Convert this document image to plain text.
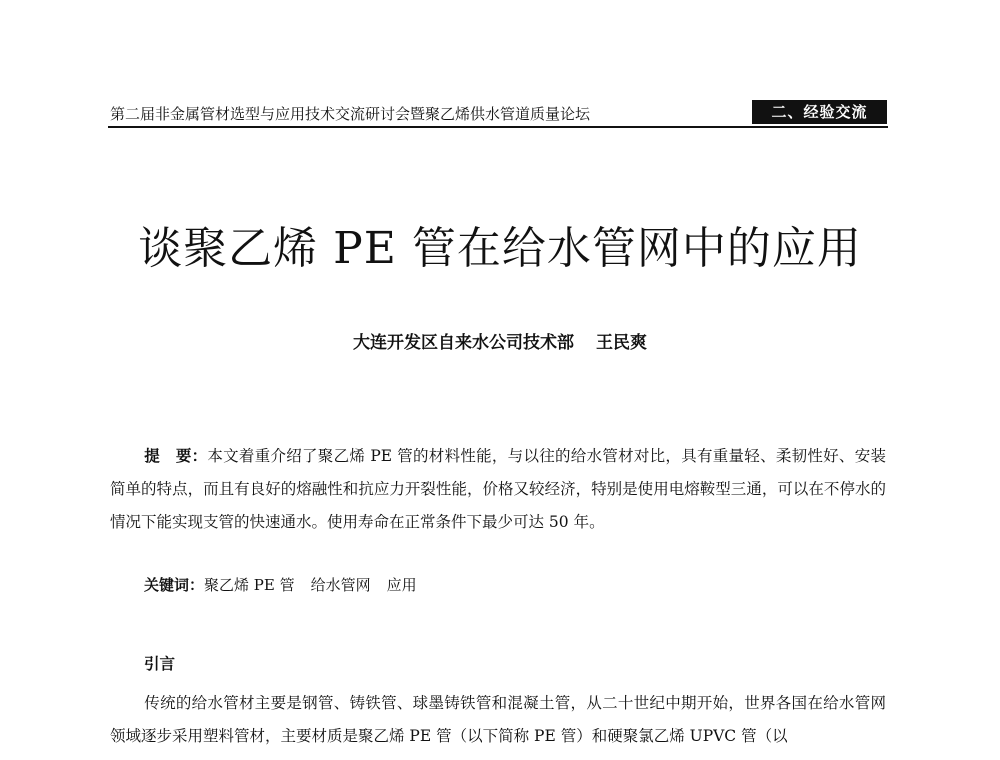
第二届非金属管材选型与应用技术交流研讨会暨聚乙烯供水管道质量论坛	二、经验交流
谈聚乙烯 PE 管在给水管网中的应用
大连开发区自来水公司技术部 王民爽
提　要：本文着重介绍了聚乙烯 PE 管的材料性能，与以往的给水管材对比，具有重量轻、柔韧性好、安装简单的特点，而且有良好的熔融性和抗应力开裂性能，价格又较经济，特别是使用电熔鞍型三通，可以在不停水的情况下能实现支管的快速通水。使用寿命在正常条件下最少可达 50 年。
关键词：聚乙烯 PE 管 给水管网 应用
引言
传统的给水管材主要是钢管、铸铁管、球墨铸铁管和混凝土管，从二十世纪中期开始，世界各国在给水管网领域逐步采用塑料管材，主要材质是聚乙烯 PE 管（以下简称 PE 管）和硬聚氯乙烯 UPVC 管（以
